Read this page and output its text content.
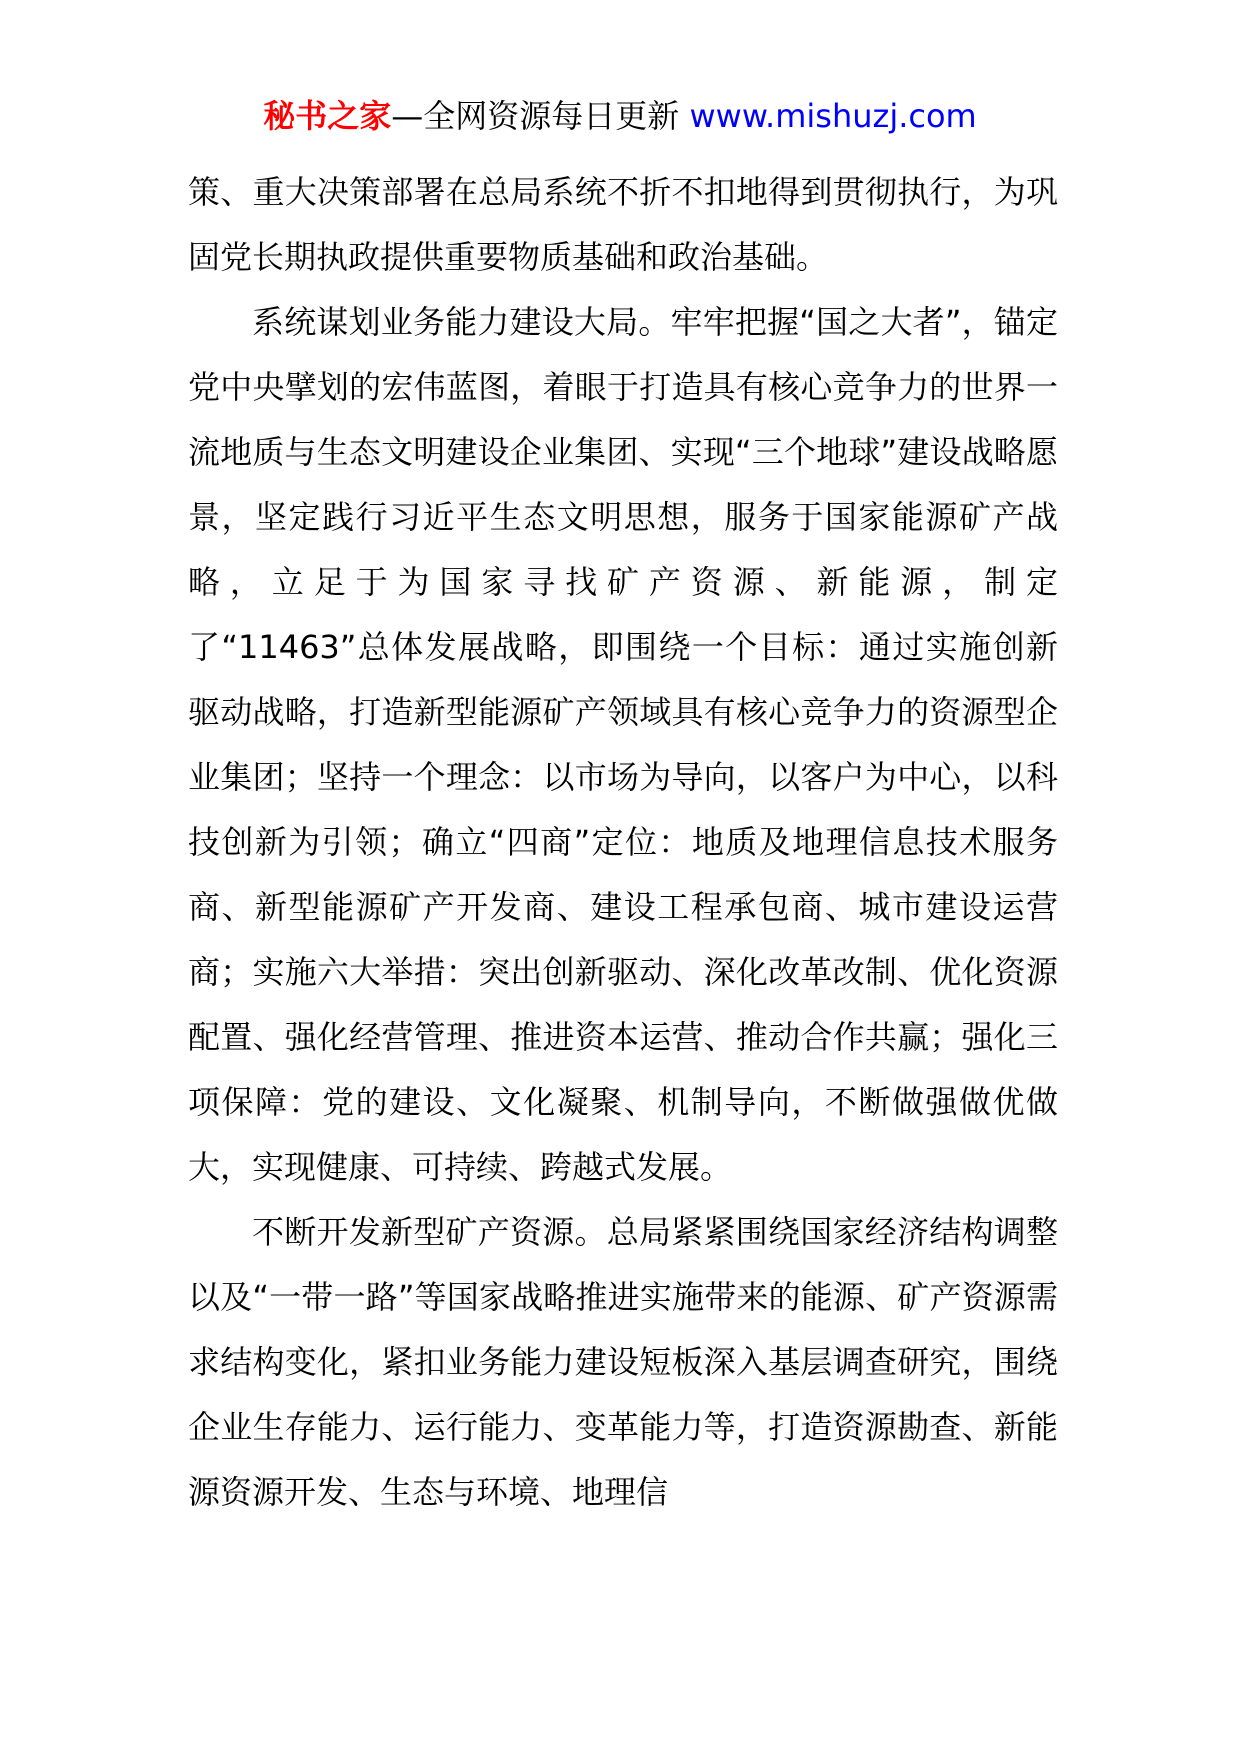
秘书之家—全网资源每日更新 www.mishuzj.com

策、重大决策部署在总局系统不折不扣地得到贯彻执行，为巩固党长期执政提供重要物质基础和政治基础。

系统谋划业务能力建设大局。牢牢把握“国之大者”，锚定党中央擘划的宏伟蓝图，着眼于打造具有核心竞争力的世界一流地质与生态文明建设企业集团、实现“三个地球”建设战略愿景，坚定践行习近平生态文明思想，服务于国家能源矿产战略，立足于为国家寻找矿产资源、新能源，制定了“11463”总体发展战略，即围绕一个目标：通过实施创新驱动战略，打造新型能源矿产领域具有核心竞争力的资源型企业集团；坚持一个理念：以市场为导向，以客户为中心，以科技创新为引领；确立“四商”定位：地质及地理信息技术服务商、新型能源矿产开发商、建设工程承包商、城市建设运营商；实施六大举措：突出创新驱动、深化改革改制、优化资源配置、强化经营管理、推进资本运营、推动合作共赢；强化三项保障：党的建设、文化凝聚、机制导向，不断做强做优做大，实现健康、可持续、跨越式发展。

不断开发新型矿产资源。总局紧紧围绕国家经济结构调整以及“一带一路”等国家战略推进实施带来的能源、矿产资源需求结构变化，紧扣业务能力建设短板深入基层调查研究，围绕企业生存能力、运行能力、变革能力等，打造资源勘查、新能源资源开发、生态与环境、地理信
